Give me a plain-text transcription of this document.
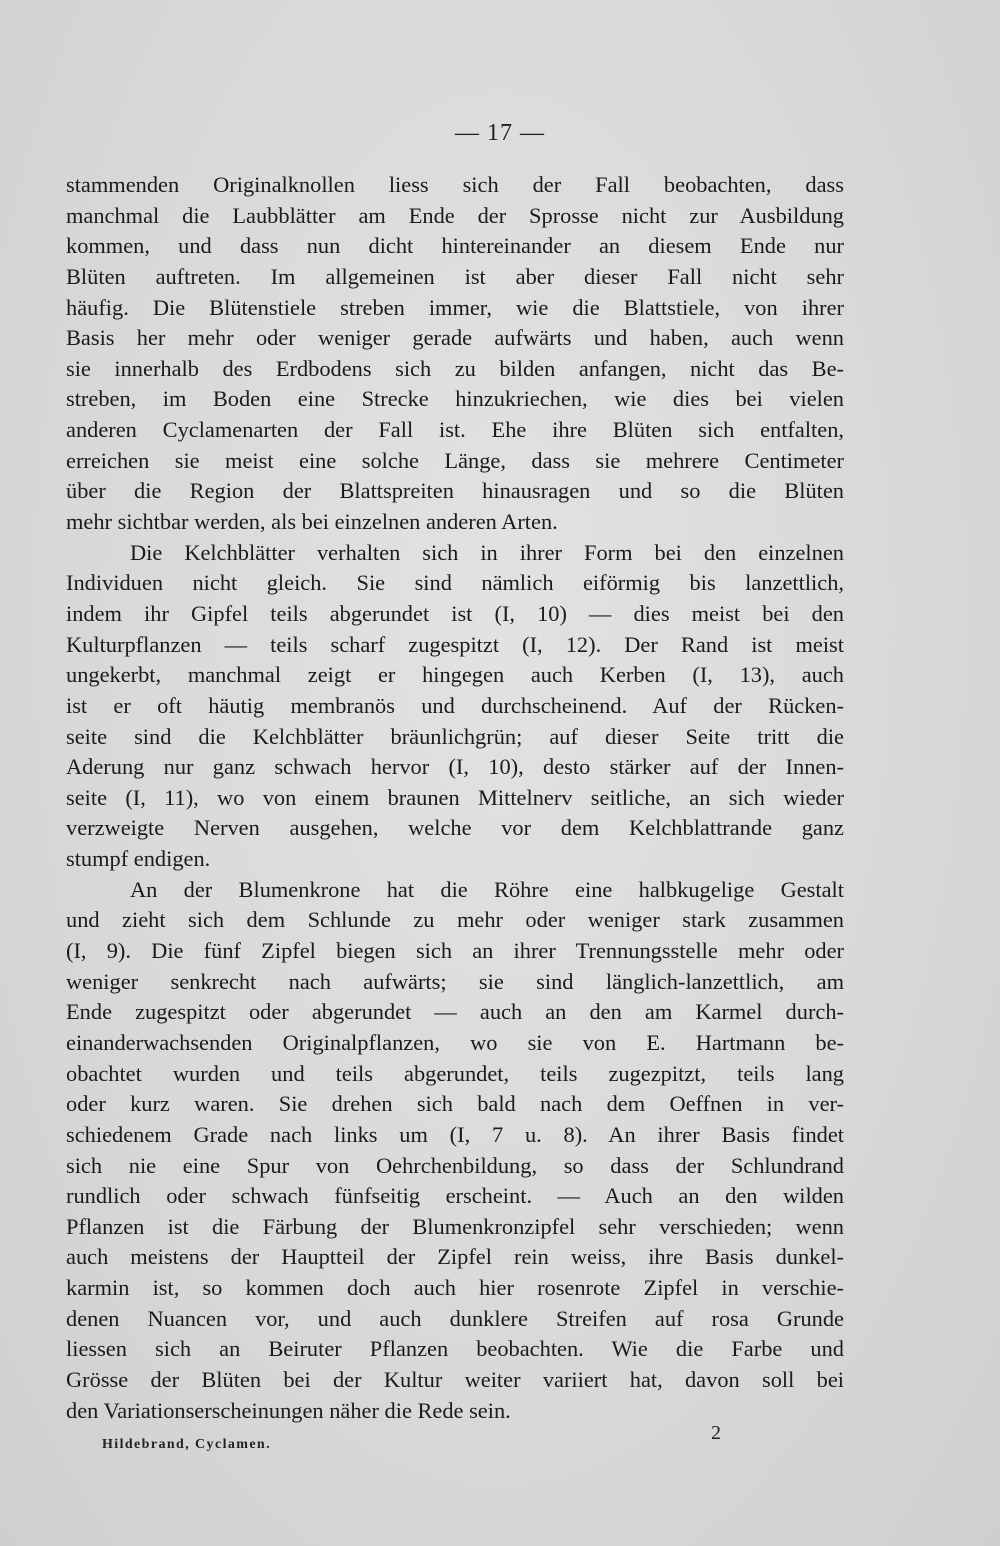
— 17 —
stammenden Originalknollen liess sich der Fall beobachten, dass
manchmal die Laubblätter am Ende der Sprosse nicht zur Ausbildung
kommen, und dass nun dicht hintereinander an diesem Ende nur
Blüten auftreten. Im allgemeinen ist aber dieser Fall nicht sehr
häufig. Die Blütenstiele streben immer, wie die Blattstiele, von ihrer
Basis her mehr oder weniger gerade aufwärts und haben, auch wenn
sie innerhalb des Erdbodens sich zu bilden anfangen, nicht das Be-
streben, im Boden eine Strecke hinzukriechen, wie dies bei vielen
anderen Cyclamenarten der Fall ist. Ehe ihre Blüten sich entfalten,
erreichen sie meist eine solche Länge, dass sie mehrere Centimeter
über die Region der Blattspreiten hinausragen und so die Blüten
mehr sichtbar werden, als bei einzelnen anderen Arten.
Die Kelchblätter verhalten sich in ihrer Form bei den einzelnen
Individuen nicht gleich. Sie sind nämlich eiförmig bis lanzettlich,
indem ihr Gipfel teils abgerundet ist (I, 10) — dies meist bei den
Kulturpflanzen — teils scharf zugespitzt (I, 12). Der Rand ist meist
ungekerbt, manchmal zeigt er hingegen auch Kerben (I, 13), auch
ist er oft häutig membranös und durchscheinend. Auf der Rücken-
seite sind die Kelchblätter bräunlichgrün; auf dieser Seite tritt die
Aderung nur ganz schwach hervor (I, 10), desto stärker auf der Innen-
seite (I, 11), wo von einem braunen Mittelnerv seitliche, an sich wieder
verzweigte Nerven ausgehen, welche vor dem Kelchblattrande ganz
stumpf endigen.
An der Blumenkrone hat die Röhre eine halbkugelige Gestalt
und zieht sich dem Schlunde zu mehr oder weniger stark zusammen
(I, 9). Die fünf Zipfel biegen sich an ihrer Trennungsstelle mehr oder
weniger senkrecht nach aufwärts; sie sind länglich-lanzettlich, am
Ende zugespitzt oder abgerundet — auch an den am Karmel durch-
einanderwachsenden Originalpflanzen, wo sie von E. Hartmann be-
obachtet wurden und teils abgerundet, teils zugezpitzt, teils lang
oder kurz waren. Sie drehen sich bald nach dem Oeffnen in ver-
schiedenem Grade nach links um (I, 7 u. 8). An ihrer Basis findet
sich nie eine Spur von Oehrchenbildung, so dass der Schlundrand
rundlich oder schwach fünfseitig erscheint. — Auch an den wilden
Pflanzen ist die Färbung der Blumenkronzipfel sehr verschieden; wenn
auch meistens der Hauptteil der Zipfel rein weiss, ihre Basis dunkel-
karmin ist, so kommen doch auch hier rosenrote Zipfel in verschie-
denen Nuancen vor, und auch dunklere Streifen auf rosa Grunde
liessen sich an Beiruter Pflanzen beobachten. Wie die Farbe und
Grösse der Blüten bei der Kultur weiter variiert hat, davon soll bei
den Variationserscheinungen näher die Rede sein.
Hildebrand, Cyclamen.
2
